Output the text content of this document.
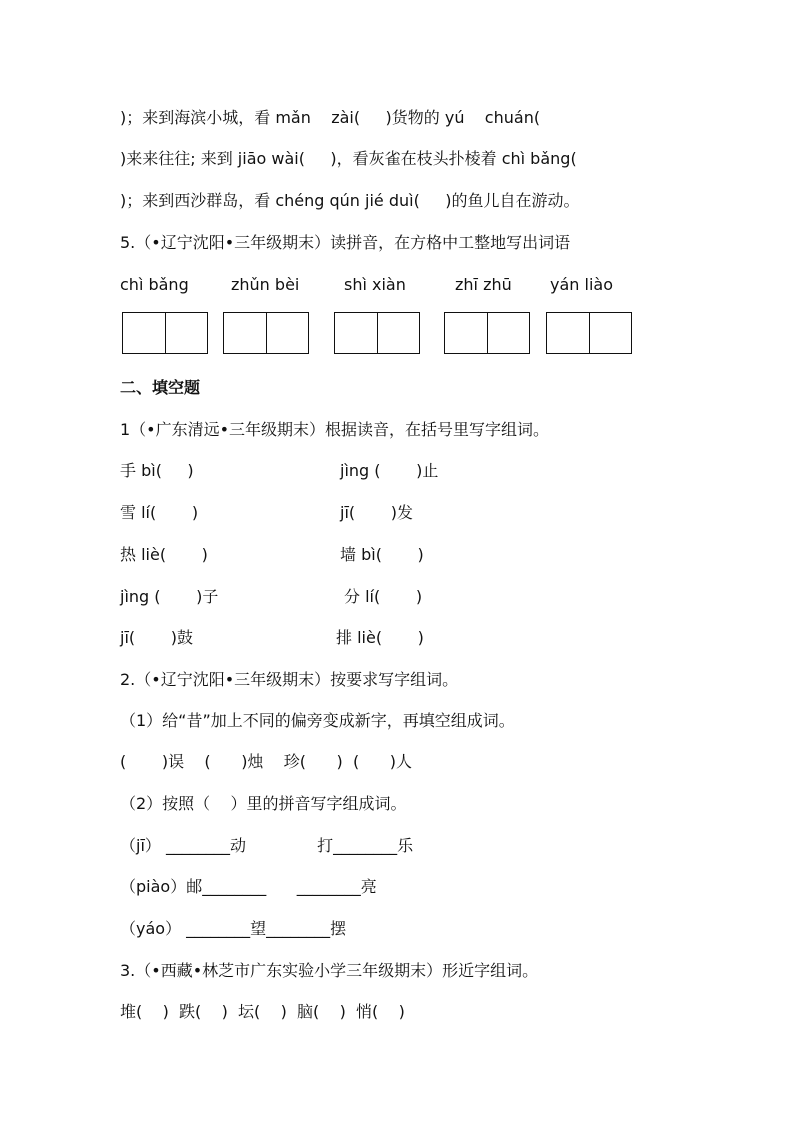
)；来到海滨小城，看 mǎn    zài(     )货物的 yú    chuán(
)来来往往; 来到 jiāo wài(     )，看灰雀在枝头扑棱着 chì bǎng(
)；来到西沙群岛，看 chéng qún jié duì(     )的鱼儿自在游动。
5.（•辽宁沈阳•三年级期末）读拼音，在方格中工整地写出词语
chì bǎng	zhǔn bèi	shì xiàn	zhī zhū yán liào
二、填空题
1（•广东清远•三年级期末）根据读音，在括号里写字组词。
手 bì(     )	jìng (       )止
雪 lí(       )	jī(       )发
热 liè(       )	墙 bì(       )
jìng (       )子	分 lí(       )
jī(       )鼓	排 liè(       )
2.（•辽宁沈阳•三年级期末）按要求写字组词。
（1）给“昔”加上不同的偏旁变成新字，再填空组成词。
(       )误    (      )烛    珍(      )  (      )人
（2）按照（    ）里的拼音写字组成词。
（jī） ________动              打________乐
（piào）邮________      ________亮
（yáo） ________望________摆
3.（•西藏•林芝市广东实验小学三年级期末）形近字组词。
堆(    )  跌(    )  坛(    )  脑(    )  悄(    )
